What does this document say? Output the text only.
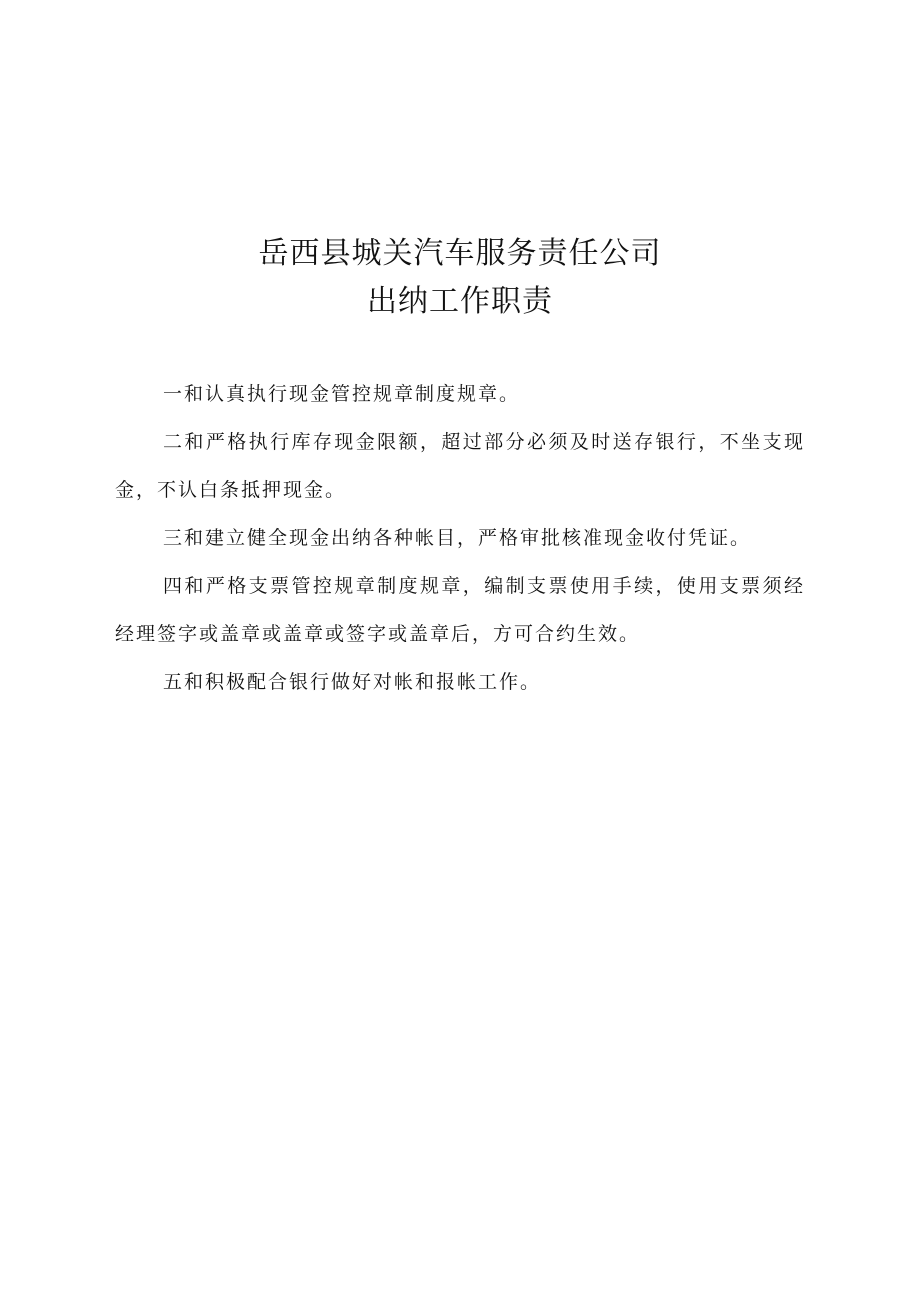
岳西县城关汽车服务责任公司
出纳工作职责

一和认真执行现金管控规章制度规章。

二和严格执行库存现金限额，超过部分必须及时送存银行，不坐支现金，不认白条抵押现金。

三和建立健全现金出纳各种帐目，严格审批核准现金收付凭证。

四和严格支票管控规章制度规章，编制支票使用手续，使用支票须经经理签字或盖章或盖章或签字或盖章后，方可合约生效。

五和积极配合银行做好对帐和报帐工作。
